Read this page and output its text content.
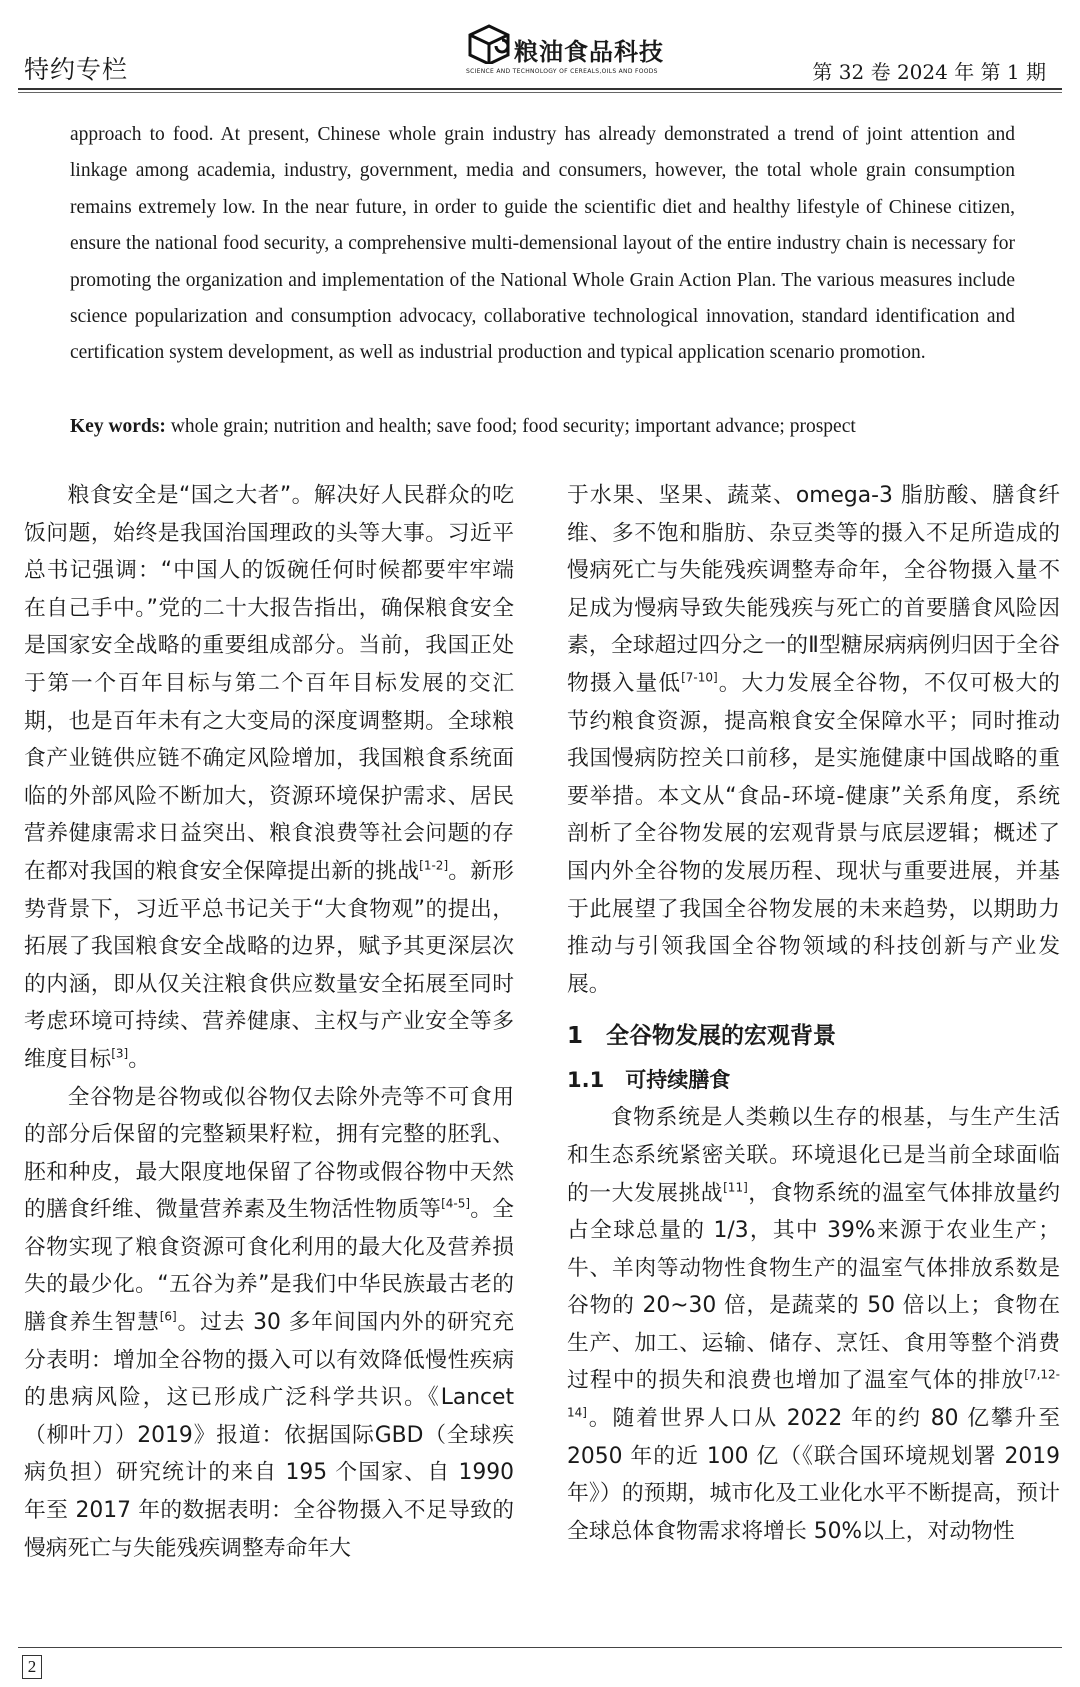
特约专栏
粮油食品科技
SCIENCE AND TECHNOLOGY OF CEREALS,OILS AND FOODS	第 32 卷 2024 年 第 1 期
approach to food. At present, Chinese whole grain industry has already demonstrated a trend of joint attention and linkage among academia, industry, government, media and consumers, however, the total whole grain consumption remains extremely low. In the near future, in order to guide the scientific diet and healthy lifestyle of Chinese citizen, ensure the national food security, a comprehensive multi-demensional layout of the entire industry chain is necessary for promoting the organization and implementation of the National Whole Grain Action Plan. The various measures include science popularization and consumption advocacy, collaborative technological innovation, standard identification and certification system development, as well as industrial production and typical application scenario promotion.
Key words: whole grain; nutrition and health; save food; food security; important advance; prospect

粮食安全是“国之大者”。解决好人民群众的吃饭问题，始终是我国治国理政的头等大事。习近平总书记强调：“中国人的饭碗任何时候都要牢牢端在自己手中。”党的二十大报告指出，确保粮食安全是国家安全战略的重要组成部分。当前，我国正处于第一个百年目标与第二个百年目标发展的交汇期，也是百年未有之大变局的深度调整期。全球粮食产业链供应链不确定风险增加，我国粮食系统面临的外部风险不断加大，资源环境保护需求、居民营养健康需求日益突出、粮食浪费等社会问题的存在都对我国的粮食安全保障提出新的挑战[1-2]。新形势背景下，习近平总书记关于“大食物观”的提出，拓展了我国粮食安全战略的边界，赋予其更深层次的内涵，即从仅关注粮食供应数量安全拓展至同时考虑环境可持续、营养健康、主权与产业安全等多维度目标[3]。

全谷物是谷物或似谷物仅去除外壳等不可食用的部分后保留的完整颖果籽粒，拥有完整的胚乳、胚和种皮，最大限度地保留了谷物或假谷物中天然的膳食纤维、微量营养素及生物活性物质等[4-5]。全谷物实现了粮食资源可食化利用的最大化及营养损失的最少化。“五谷为养”是我们中华民族最古老的膳食养生智慧[6]。过去 30 多年间国内外的研究充分表明：增加全谷物的摄入可以有效降低慢性疾病的患病风险，这已形成广泛科学共识。《Lancet（柳叶刀）2019》报道：依据国际GBD（全球疾病负担）研究统计的来自 195 个国家、自 1990 年至 2017 年的数据表明：全谷物摄入不足导致的慢病死亡与失能残疾调整寿命年大

于水果、坚果、蔬菜、omega-3 脂肪酸、膳食纤维、多不饱和脂肪、杂豆类等的摄入不足所造成的慢病死亡与失能残疾调整寿命年，全谷物摄入量不足成为慢病导致失能残疾与死亡的首要膳食风险因素，全球超过四分之一的Ⅱ型糖尿病病例归因于全谷物摄入量低[7-10]。大力发展全谷物，不仅可极大的节约粮食资源，提高粮食安全保障水平；同时推动我国慢病防控关口前移，是实施健康中国战略的重要举措。本文从“食品-环境-健康”关系角度，系统剖析了全谷物发展的宏观背景与底层逻辑；概述了国内外全谷物的发展历程、现状与重要进展，并基于此展望了我国全谷物发展的未来趋势，以期助力推动与引领我国全谷物领域的科技创新与产业发展。

1　全谷物发展的宏观背景
1.1　可持续膳食

食物系统是人类赖以生存的根基，与生产生活和生态系统紧密关联。环境退化已是当前全球面临的一大发展挑战[11]，食物系统的温室气体排放量约占全球总量的 1/3，其中 39%来源于农业生产；牛、羊肉等动物性食物生产的温室气体排放系数是谷物的 20~30 倍，是蔬菜的 50 倍以上；食物在生产、加工、运输、储存、烹饪、食用等整个消费过程中的损失和浪费也增加了温室气体的排放[7,12-14]。随着世界人口从 2022 年的约 80 亿攀升至 2050 年的近 100 亿（《联合国环境规划署 2019 年》）的预期，城市化及工业化水平不断提高，预计全球总体食物需求将增长 50%以上，对动物性

2
